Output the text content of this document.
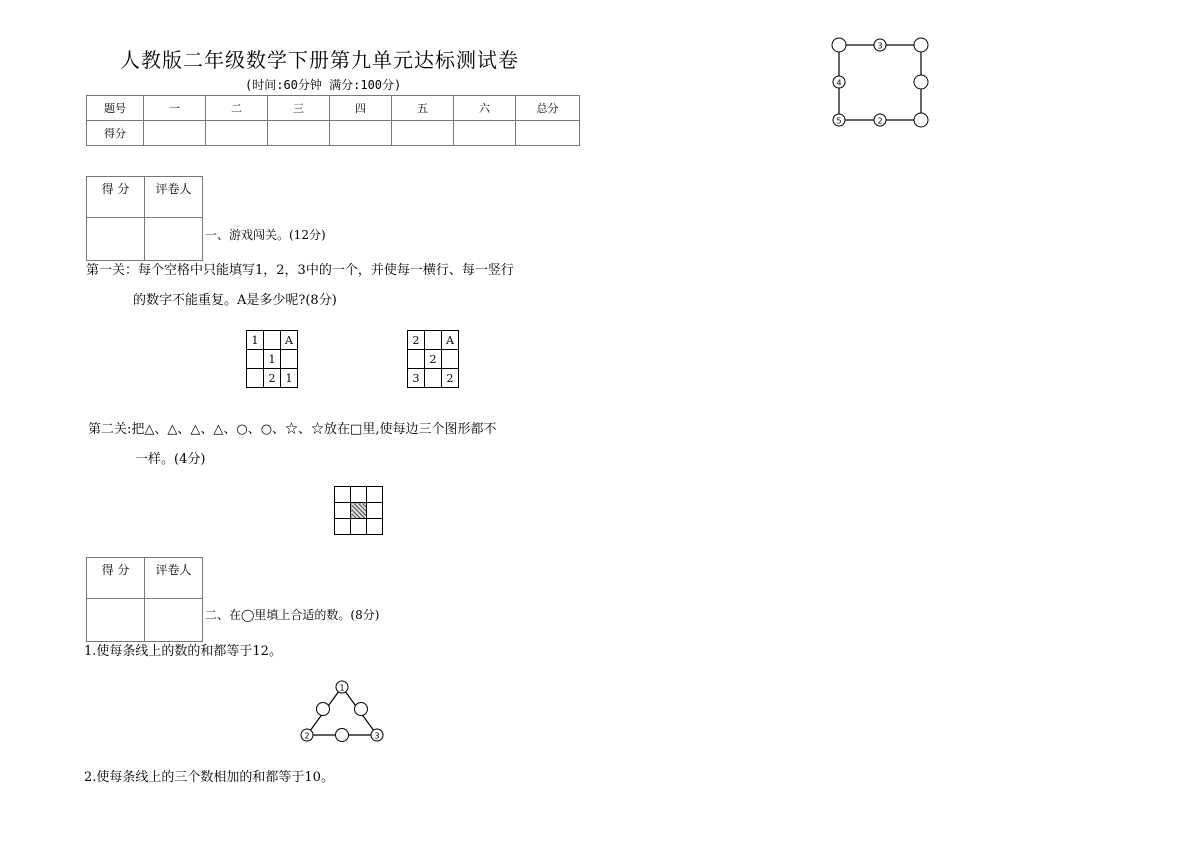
人教版二年级数学下册第九单元达标测试卷
(时间:60分钟 满分:100分)
题号	一	二	三	四	五	六	总分
得分							
得 分	评卷人

一、游戏闯关。(12分)
第一关：每个空格中只能填写1，2，3中的一个，并使每一横行、每一竖行
的数字不能重复。A是多少呢?(8分)
1		A
	1	
	2	1
2		A
	2	
3		2
第二关:把△、△、△、△、○、○、☆、☆放在□里,使每边三个图形都不
一样。(4分)

得 分	评卷人

二、在◯里填上合适的数。(8分)
1.使每条线上的数的和都等于12。
1
2	3
2.使每条线上的三个数相加的和都等于10。
3
4
5	2
